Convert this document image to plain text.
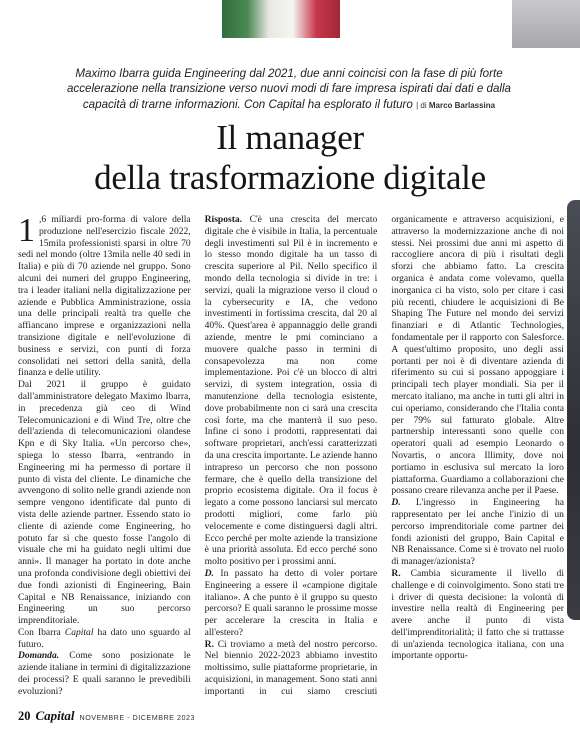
Maximo Ibarra guida Engineering dal 2021, due anni coincisi con la fase di più forte accelerazione nella transizione verso nuovi modi di fare impresa ispirati dai dati e dalla capacità di trarne informazioni. Con Capital ha esplorato il futuro | di Marco Barlassina
Il manager
della trasformazione digitale

1 ,6 miliardi pro-forma di valore della produzione nell'esercizio fiscale 2022, 15mila professionisti sparsi in oltre 70 sedi nel mondo (oltre 13mila nelle 40 sedi in Italia) e più di 70 aziende nel gruppo. Sono alcuni dei numeri del gruppo Engineering, tra i leader italiani nella digitalizzazione per aziende e Pubblica Amministrazione, ossia una delle principali realtà tra quelle che affiancano imprese e organizzazioni nella transizione digitale e nell'evoluzione di business e servizi, con punti di forza consolidati nei settori della sanità, della finanza e delle utility.

Dal 2021 il gruppo è guidato dall'amministratore delegato Maximo Ibarra, in precedenza già ceo di Wind Telecomunicazioni e di Wind Tre, oltre che dell'azienda di telecomunicazioni olandese Kpn e di Sky Italia. «Un percorso che», spiega lo stesso Ibarra, «entrando in Engineering mi ha permesso di portare il punto di vista del cliente. Le dinamiche che avvengono di solito nelle grandi aziende non sempre vengono identificate dal punto di vista delle aziende partner. Essendo stato io cliente di aziende come Engineering, ho potuto far sì che questo fosse l'angolo di visuale che mi ha guidato negli ultimi due anni». Il manager ha portato in dote anche una profonda condivisione degli obiettivi dei due fondi azionisti di Engineering, Bain Capital e NB Renaissance, iniziando con Engineering un suo percorso imprenditoriale.

Con Ibarra Capital ha dato uno sguardo al futuro.

Domanda. Come sono posizionate le aziende italiane in termini di digitalizzazione dei processi? E quali saranno le prevedibili evoluzioni?

Risposta. C'è una crescita del mercato digitale che è visibile in Italia, la percentuale degli investimenti sul Pil è in incremento e lo stesso mondo digitale ha un tasso di crescita superiore al Pil. Nello specifico il mondo della tecnologia si divide in tre: i servizi, quali la migrazione verso il cloud o la cybersecurity e IA, che vedono investimenti in fortissima crescita, dal 20 al 40%. Quest'area è appannaggio delle grandi aziende, mentre le pmi cominciano a muovere qualche passo in termini di consapevolezza ma non come implementazione. Poi c'è un blocco di altri servizi, di system integration, ossia di manutenzione della tecnologia esistente, dove probabilmente non ci sarà una crescita così forte, ma che manterrà il suo peso. Infine ci sono i prodotti, rappresentati dai software proprietari, anch'essi caratterizzati da una crescita importante. Le aziende hanno intrapreso un percorso che non possono fermare, che è quello della transizione del proprio ecosistema digitale. Ora il focus è legato a come possono lanciarsi sul mercato prodotti migliori, come farlo più velocemente e come distinguersi dagli altri. Ecco perché per molte aziende la transizione è una priorità assoluta. Ed ecco perché sono molto positivo per i prossimi anni.

D. In passato ha detto di voler portare Engineering a essere il «campione digitale italiano». A che punto è il gruppo su questo percorso? E quali saranno le prossime mosse per accelerare la crescita in Italia e all'estero?

R. Ci troviamo a metà del nostro percorso. Nel biennio 2022-2023 abbiamo investito moltissimo, sulle piattaforme proprietarie, in acquisizioni, in management. Sono stati anni importanti in cui siamo cresciuti organicamente e attraverso acquisizioni, e attraverso la modernizzazione anche di noi stessi. Nei prossimi due anni mi aspetto di raccogliere ancora di più i risultati degli sforzi che abbiamo fatto. La crescita organica è andata come volevamo, quella inorganica ci ha visto, solo per citare i casi più recenti, chiudere le acquisizioni di Be Shaping The Future nel mondo dei servizi finanziari e di Atlantic Technologies, fondamentale per il rapporto con Salesforce. A quest'ultimo proposito, uno degli assi portanti per noi è di diventare azienda di riferimento su cui si possano appoggiare i principali tech player mondiali. Sia per il mercato italiano, ma anche in tutti gli altri in cui operiamo, considerando che l'Italia conta per 79% sul fatturato globale. Altre partnership interessanti sono quelle con operatori quali ad esempio Leonardo o Novartis, o ancora Illimity, dove noi portiamo in esclusiva sul mercato la loro piattaforma. Guardiamo a collaborazioni che possano creare rilevanza anche per il Paese.

D. L'ingresso in Engineering ha rappresentato per lei anche l'inizio di un percorso imprenditoriale come partner dei fondi azionisti del gruppo, Bain Capital e NB Renaissance. Come si è trovato nel ruolo di manager/azionista?

R. Cambia sicuramente il livello di challenge e di coinvolgimento. Sono stati tre i driver di questa decisione: la volontà di investire nella realtà di Engineering per avere anche il punto di vista dell'imprenditorialità; il fatto che si trattasse di un'azienda tecnologica italiana, con una importante opportu-

20 Capital NOVEMBRE - DICEMBRE 2023
